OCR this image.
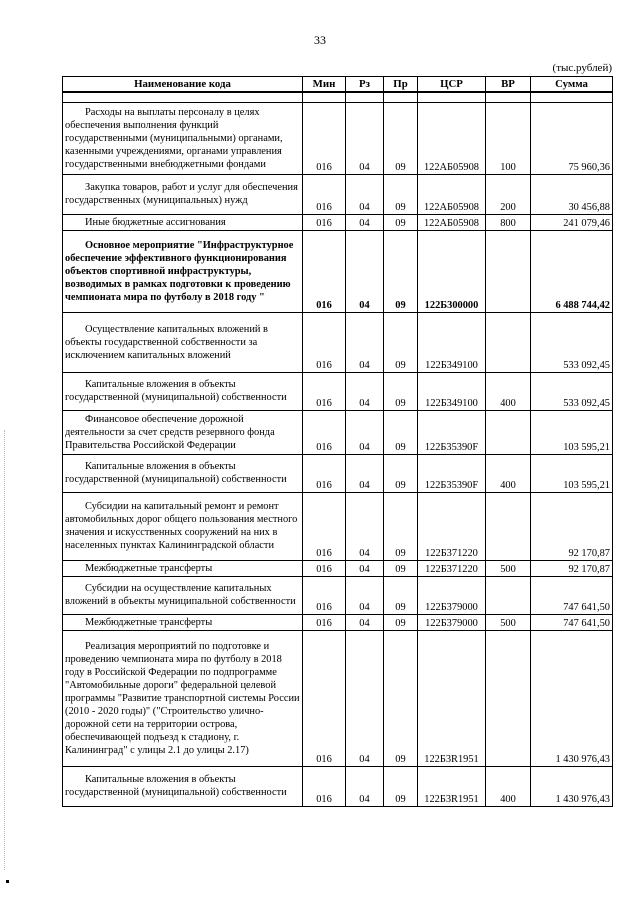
33
(тыс.рублей)
Наименование кода	Мин	Рз	Пр	ЦСР	ВР	Сумма

Расходы на выплаты персоналу в целях обеспечения выполнения функций государственными (муниципальными) органами, казенными учреждениями, органами управления государственными внебюджетными фондами	016	04	09	122АБ05908	100	75 960,36
Закупка товаров, работ и услуг для обеспечения государственных (муниципальных) нужд	016	04	09	122АБ05908	200	30 456,88
Иные бюджетные ассигнования	016	04	09	122АБ05908	800	241 079,46
Основное мероприятие "Инфраструктурное обеспечение эффективного функционирования объектов спортивной инфраструктуры, возводимых в рамках подготовки к проведению чемпионата мира по футболу в 2018 году "	016	04	09	122Б300000		6 488 744,42
Осуществление капитальных вложений в объекты государственной собственности за исключением капитальных вложений	016	04	09	122Б349100		533 092,45
Капитальные вложения в объекты государственной (муниципальной) собственности	016	04	09	122Б349100	400	533 092,45
Финансовое обеспечение дорожной деятельности за счет средств резервного фонда Правительства Российской Федерации	016	04	09	122Б35390F		103 595,21
Капитальные вложения в объекты государственной (муниципальной) собственности	016	04	09	122Б35390F	400	103 595,21
Субсидии на капитальный ремонт и ремонт автомобильных дорог общего пользования местного значения и искусственных сооружений на них в населенных пунктах Калининградской области	016	04	09	122Б371220		92 170,87
Межбюджетные трансферты	016	04	09	122Б371220	500	92 170,87
Субсидии на осуществление капитальных вложений в объекты муниципальной собственности	016	04	09	122Б379000		747 641,50
Межбюджетные трансферты	016	04	09	122Б379000	500	747 641,50
Реализация мероприятий по подготовке и проведению чемпионата мира по футболу в 2018 году в Российской Федерации по подпрограмме "Автомобильные дороги" федеральной целевой программы "Развитие транспортной системы России (2010 - 2020 годы)" ("Строительство улично-дорожной сети на территории острова, обеспечивающей подъезд к стадиону, г. Калининград" с улицы 2.1 до улицы 2.17)	016	04	09	122Б3R1951		1 430 976,43
Капитальные вложения в объекты государственной (муниципальной) собственности	016	04	09	122Б3R1951	400	1 430 976,43
